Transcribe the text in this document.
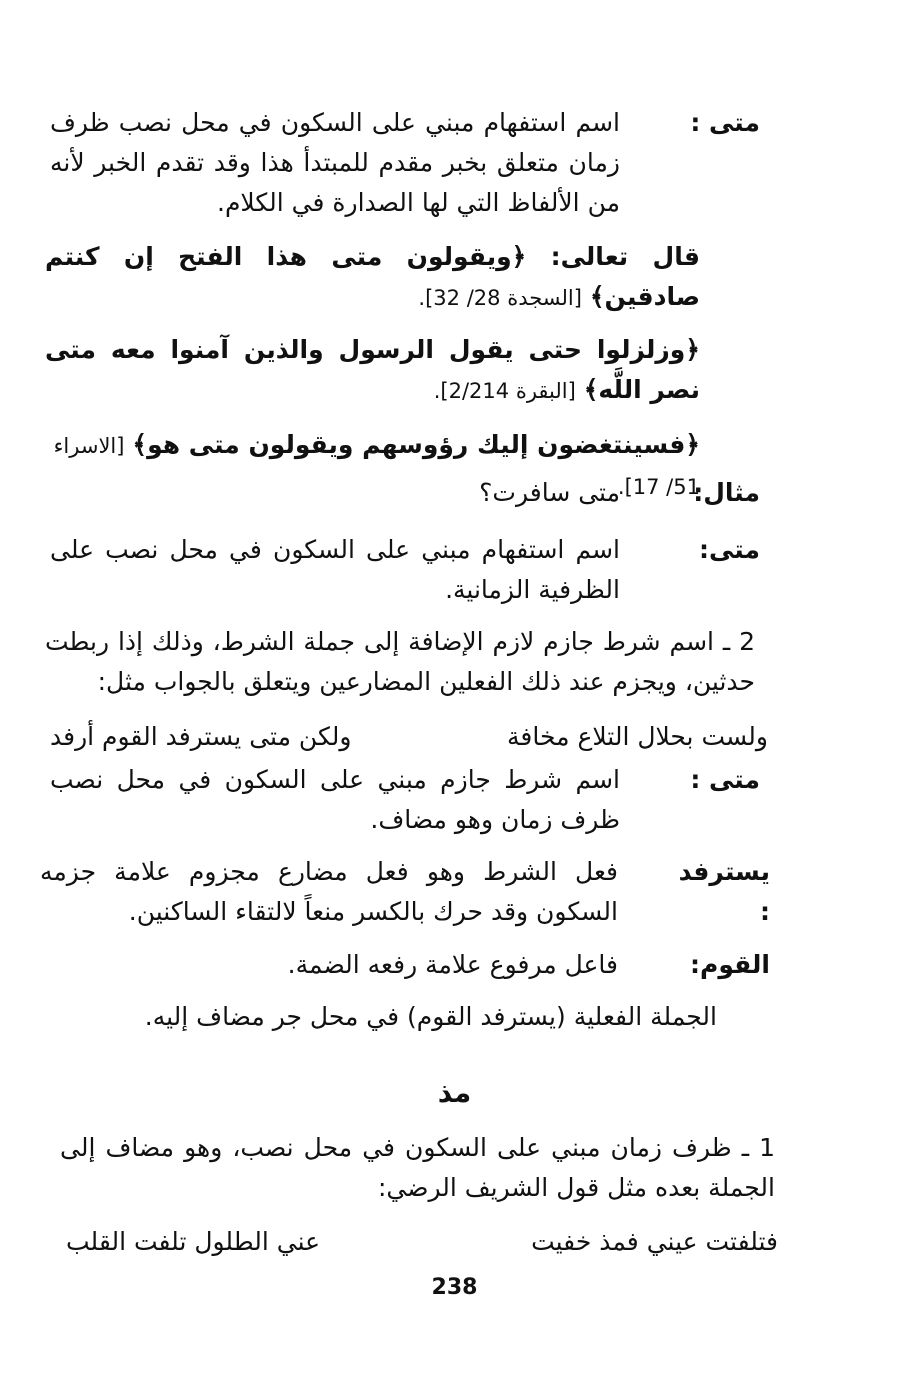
متى :
اسم استفهام مبني على السكون في محل نصب ظرف زمان متعلق بخبر مقدم للمبتدأ هذا وقد تقدم الخبر لأنه من الألفاظ التي لها الصدارة في الكلام.
قال تعالى: ﴿ويقولون متى هذا الفتح إن كنتم صادقين﴾ [السجدة 28/ 32].
﴿وزلزلوا حتى يقول الرسول والذين آمنوا معه متى نصر اللَّه﴾ [البقرة 2/214].
﴿فسينتغضون إليك رؤوسهم ويقولون متى هو﴾ [الاسراء 51/ 17].
مثال:
متى سافرت؟
متى:
اسم استفهام مبني على السكون في محل نصب على الظرفية الزمانية.
2 ـ اسم شرط جازم لازم الإضافة إلى جملة الشرط، وذلك إذا ربطت حدثين، ويجزم عند ذلك الفعلين المضارعين ويتعلق بالجواب مثل:
ولست بحلال التلاع مخافة
ولكن متى يسترفد القوم أرفد
متى :
اسم شرط جازم مبني على السكون في محل نصب ظرف زمان وهو مضاف.
يسترفد :
فعل الشرط وهو فعل مضارع مجزوم علامة جزمه السكون وقد حرك بالكسر منعاً لالتقاء الساكنين.
القوم:
فاعل مرفوع علامة رفعه الضمة.
الجملة الفعلية (يسترفد القوم) في محل جر مضاف إليه.
مذ
1 ـ ظرف زمان مبني على السكون في محل نصب، وهو مضاف إلى الجملة بعده مثل قول الشريف الرضي:
فتلفتت عيني فمذ خفيت
عني الطلول تلفت القلب
238
